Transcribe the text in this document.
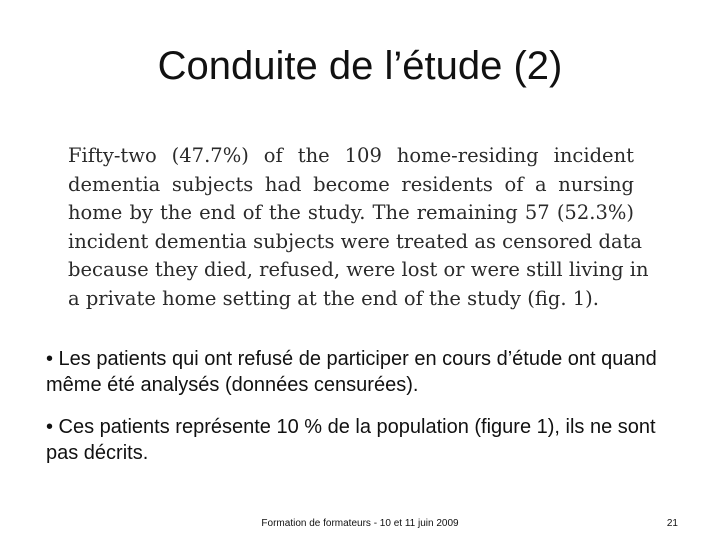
Conduite de l’étude (2)
Fifty-two (47.7%) of the 109 home-residing incident
dementia subjects had become residents of a nursing
home by the end of the study. The remaining 57 (52.3%)
incident dementia subjects were treated as censored data
because they died, refused, were lost or were still living in
a private home setting at the end of the study (fig. 1).

• Les patients qui ont refusé de participer en cours d’étude ont quand même été analysés (données censurées).

• Ces patients représente 10 % de la population (figure 1), ils ne sont pas décrits.

Formation de formateurs - 10 et 11 juin 2009	21
